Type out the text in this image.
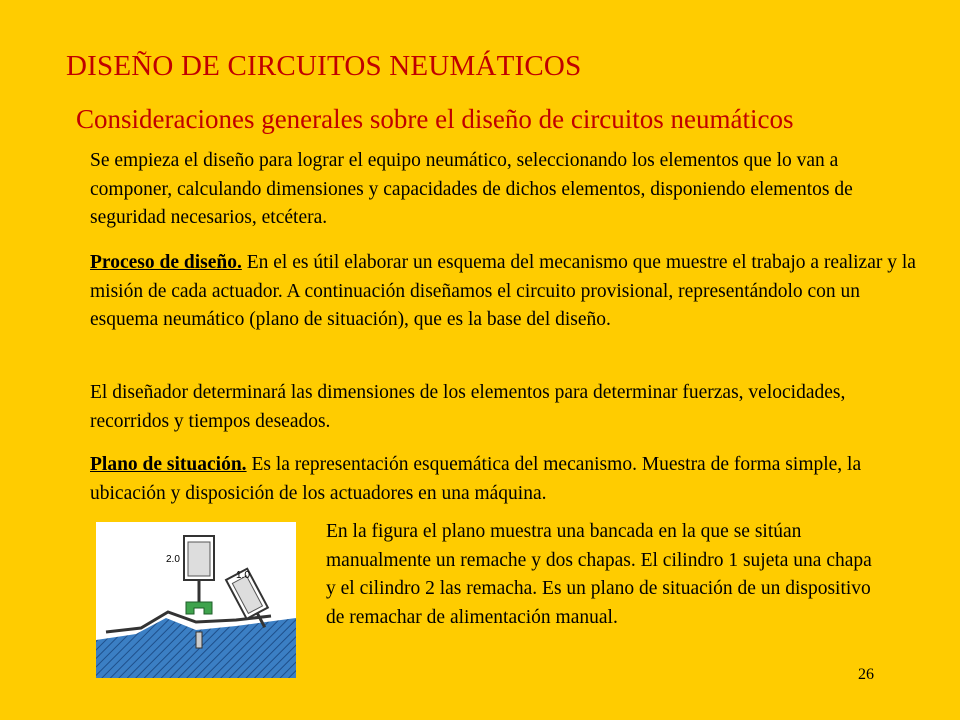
DISEÑO DE CIRCUITOS NEUMÁTICOS
Consideraciones generales sobre el diseño de circuitos neumáticos
Se empieza el diseño para lograr el equipo neumático, seleccionando los elementos que lo van a componer, calculando dimensiones y capacidades de dichos elementos, disponiendo elementos de seguridad necesarios, etcétera.
Proceso de diseño. En el es útil elaborar un esquema del mecanismo que muestre el trabajo a realizar y la misión de cada actuador. A continuación diseñamos el circuito provisional, representándolo con un esquema neumático (plano de situación), que es la base del diseño.
El diseñador determinará las dimensiones de los elementos para determinar fuerzas, velocidades, recorridos y tiempos deseados.
Plano de situación. Es la representación esquemática del mecanismo. Muestra de forma simple, la ubicación y disposición de los actuadores en una máquina.
2.0
1.0
En la figura el plano muestra una bancada en la que se sitúan manualmente un remache y dos chapas. El cilindro 1 sujeta una chapa y el cilindro 2 las remacha. Es un plano de situación de un dispositivo de remachar de alimentación manual.
26
